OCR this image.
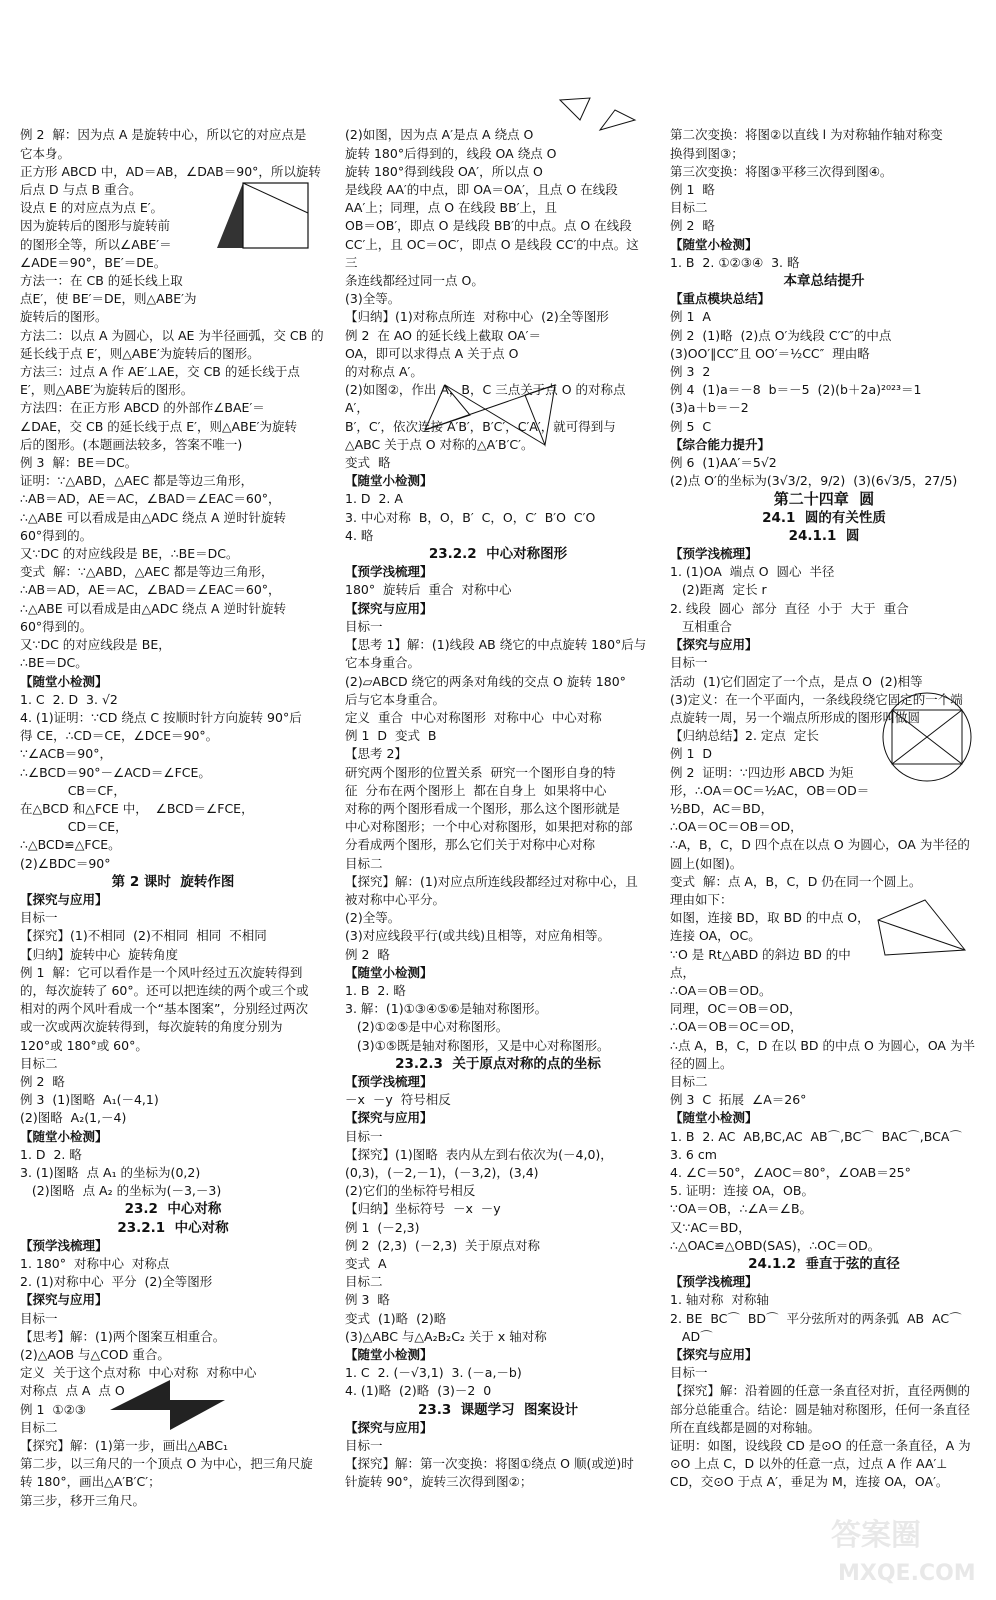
例 2  解：因为点 A 是旋转中心，所以它的对应点是
它本身。
正方形 ABCD 中，AD＝AB，∠DAB＝90°，所以旋转
后点 D 与点 B 重合。
设点 E 的对应点为点 E′。
因为旋转后的图形与旋转前
的图形全等，所以∠ABE′＝
∠ADE＝90°，BE′＝DE。
方法一：在 CB 的延长线上取
点E′，使 BE′＝DE，则△ABE′为
旋转后的图形。
方法二：以点 A 为圆心，以 AE 为半径画弧，交 CB 的
延长线于点 E′，则△ABE′为旋转后的图形。
方法三：过点 A 作 AE′⊥AE，交 CB 的延长线于点
E′，则△ABE′为旋转后的图形。
方法四：在正方形 ABCD 的外部作∠BAE′＝
∠DAE，交 CB 的延长线于点 E′，则△ABE′为旋转
后的图形。(本题画法较多，答案不唯一)
例 3  解：BE＝DC。
证明：∵△ABD，△AEC 都是等边三角形，
∴AB＝AD，AE＝AC，∠BAD＝∠EAC＝60°，
∴△ABE 可以看成是由△ADC 绕点 A 逆时针旋转
60°得到的。
又∵DC 的对应线段是 BE，∴BE＝DC。
变式  解：∵△ABD，△AEC 都是等边三角形，
∴AB＝AD，AE＝AC，∠BAD＝∠EAC＝60°，
∴△ABE 可以看成是由△ADC 绕点 A 逆时针旋转
60°得到的。
又∵DC 的对应线段是 BE，
∴BE＝DC。
【随堂小检测】
1. C  2. D  3. √2
4. (1)证明：∵CD 绕点 C 按顺时针方向旋转 90°后
得 CE，∴CD＝CE，∠DCE＝90°。
∵∠ACB＝90°，
∴∠BCD＝90°－∠ACD＝∠FCE。
CB＝CF，
在△BCD 和△FCE 中，  ∠BCD＝∠FCE，
CD＝CE，
∴△BCD≌△FCE。
(2)∠BDC＝90°
第 2 课时  旋转作图
【探究与应用】
目标一
【探究】(1)不相同  (2)不相同  相同  不相同
【归纳】旋转中心  旋转角度
例 1  解：它可以看作是一个风叶经过五次旋转得到
的，每次旋转了 60°。还可以把连续的两个或三个或
相对的两个风叶看成一个“基本图案”，分别经过两次
或一次或两次旋转得到，每次旋转的角度分别为
120°或 180°或 60°。
目标二
例 2  略
例 3  (1)图略  A₁(－4,1)
(2)图略  A₂(1,－4)
【随堂小检测】
1. D  2. 略
3. (1)图略  点 A₁ 的坐标为(0,2)
(2)图略  点 A₂ 的坐标为(－3,－3)
23.2  中心对称
23.2.1  中心对称
【预学浅梳理】
1. 180°  对称中心  对称点
2. (1)对称中心  平分  (2)全等图形
【探究与应用】
目标一
【思考】解：(1)两个图案互相重合。
(2)△AOB 与△COD 重合。
定义  关于这个点对称  中心对称  对称中心
对称点  点 A  点 O
例 1  ①②③
目标二
【探究】解：(1)第一步，画出△ABC₁
第二步，以三角尺的一个顶点 O 为中心，把三角尺旋
转 180°，画出△A′B′C′；
第三步，移开三角尺。

(2)如图，因为点 A′是点 A 绕点 O
旋转 180°后得到的，线段 OA 绕点 O
旋转 180°得到线段 OA′，所以点 O
是线段 AA′的中点，即 OA＝OA′，且点 O 在线段
AA′上；同理，点 O 在线段 BB′上，且
OB＝OB′，即点 O 是线段 BB′的中点。点 O 在线段
CC′上，且 OC＝OC′，即点 O 是线段 CC′的中点。这三
条连线都经过同一点 O。
(3)全等。
【归纳】(1)对称点所连  对称中心  (2)全等图形
例 2  在 AO 的延长线上截取 OA′＝
OA，即可以求得点 A 关于点 O
的对称点 A′。
(2)如图②，作出 A，B，C 三点关于点 O 的对称点 A′，
B′，C′，依次连接 A′B′，B′C′，C′A′，就可得到与
△ABC 关于点 O 对称的△A′B′C′。
变式  略
【随堂小检测】
1. D  2. A
3. 中心对称  B，O，B′  C，O，C′  B′O  C′O
4. 略
23.2.2  中心对称图形
【预学浅梳理】
180°  旋转后  重合  对称中心
【探究与应用】
目标一
【思考 1】解：(1)线段 AB 绕它的中点旋转 180°后与
它本身重合。
(2)▱ABCD 绕它的两条对角线的交点 O 旋转 180°
后与它本身重合。
定义  重合  中心对称图形  对称中心  中心对称
例 1  D  变式  B
【思考 2】
研究两个图形的位置关系  研究一个图形自身的特
征  分布在两个图形上  都在自身上  如果将中心
对称的两个图形看成一个图形，那么这个图形就是
中心对称图形；一个中心对称图形，如果把对称的部
分看成两个图形，那么它们关于对称中心对称
目标二
【探究】解：(1)对应点所连线段都经过对称中心，且
被对称中心平分。
(2)全等。
(3)对应线段平行(或共线)且相等，对应角相等。
例 2  略
【随堂小检测】
1. B  2. 略
3. 解：(1)①③④⑤⑥是轴对称图形。
(2)①②⑤是中心对称图形。
(3)①⑤既是轴对称图形，又是中心对称图形。
23.2.3  关于原点对称的点的坐标
【预学浅梳理】
－x  －y  符号相反
【探究与应用】
目标一
【探究】(1)图略  表内从左到右依次为(－4,0)，
(0,3)，(－2,－1)，(－3,2)，(3,4)
(2)它们的坐标符号相反
【归纳】坐标符号  －x  －y
例 1  (－2,3)
例 2  (2,3)  (－2,3)  关于原点对称
变式  A
目标二
例 3  略
变式  (1)略  (2)略
(3)△ABC 与△A₂B₂C₂ 关于 x 轴对称
【随堂小检测】
1. C  2. (－√3,1)  3. (－a,－b)
4. (1)略  (2)略  (3)－2  0
23.3  课题学习  图案设计
【探究与应用】
目标一
【探究】解：第一次变换：将图①绕点 O 顺(或逆)时
针旋转 90°，旋转三次得到图②；

第二次变换：将图②以直线 l 为对称轴作轴对称变
换得到图③；
第三次变换：将图③平移三次得到图④。
例 1  略
目标二
例 2  略
【随堂小检测】
1. B  2. ①②③④  3. 略
本章总结提升
【重点模块总结】
例 1  A
例 2  (1)略  (2)点 O′为线段 C′C″的中点
(3)OO′∥CC″且 OO′＝½CC″  理由略
例 3  2
例 4  (1)a＝－8  b＝－5  (2)(b＋2a)²⁰²³＝1
(3)a＋b＝－2
例 5  C
【综合能力提升】
例 6  (1)AA′＝5√2
(2)点 O′的坐标为(3√3/2，9/2)  (3)(6√3/5，27/5)
第二十四章  圆
24.1  圆的有关性质
24.1.1  圆
【预学浅梳理】
1. (1)OA  端点 O  圆心  半径
(2)距离  定长 r
2. 线段  圆心  部分  直径  小于  大于  重合
互相重合
【探究与应用】
目标一
活动  (1)它们固定了一个点，是点 O  (2)相等
(3)定义：在一个平面内，一条线段绕它固定的一个端
点旋转一周，另一个端点所形成的图形叫做圆
【归纳总结】2. 定点  定长
例 1  D
例 2  证明：∵四边形 ABCD 为矩
形，∴OA＝OC＝½AC，OB＝OD＝
½BD，AC＝BD，
∴OA＝OC＝OB＝OD，
∴A，B，C，D 四个点在以点 O 为圆心，OA 为半径的
圆上(如图)。
变式  解：点 A，B，C，D 仍在同一个圆上。
理由如下：
如图，连接 BD，取 BD 的中点 O，
连接 OA，OC。
∵O 是 Rt△ABD 的斜边 BD 的中
点，
∴OA＝OB＝OD。
同理，OC＝OB＝OD，
∴OA＝OB＝OC＝OD，
∴点 A，B，C，D 在以 BD 的中点 O 为圆心，OA 为半
径的圆上。
目标二
例 3  C  拓展  ∠A＝26°
【随堂小检测】
1. B  2. AC  AB,BC,AC  AB⌒,BC⌒  BAC⌒,BCA⌒
3. 6 cm
4. ∠C＝50°，∠AOC＝80°，∠OAB＝25°
5. 证明：连接 OA，OB。
∵OA＝OB，∴∠A＝∠B。
又∵AC＝BD，
∴△OAC≌△OBD(SAS)，∴OC＝OD。
24.1.2  垂直于弦的直径
【预学浅梳理】
1. 轴对称  对称轴
2. BE  BC⌒  BD⌒  平分弦所对的两条弧  AB  AC⌒
AD⌒
【探究与应用】
目标一
【探究】解：沿着圆的任意一条直径对折，直径两侧的
部分总能重合。结论：圆是轴对称图形，任何一条直径
所在直线都是圆的对称轴。
证明：如图，设线段 CD 是⊙O 的任意一条直径，A 为
⊙O 上点 C，D 以外的任意一点，过点 A 作 AA′⊥
CD，交⊙O 于点 A′，垂足为 M，连接 OA，OA′。

答案圈
MXQE.COM
